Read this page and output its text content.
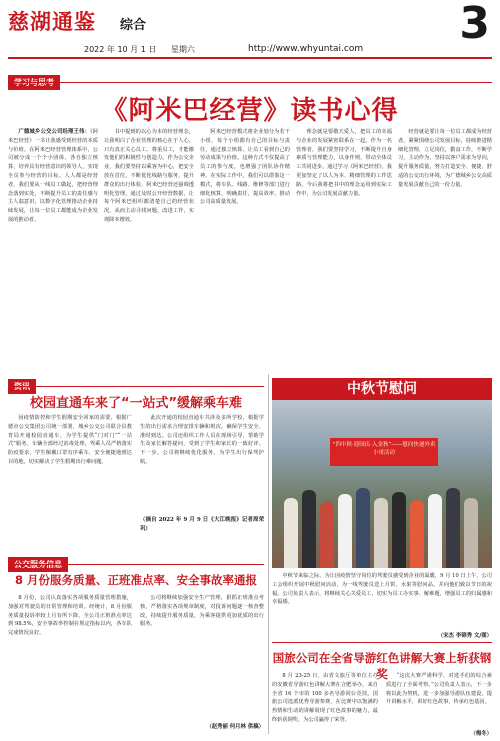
慈湖通鉴 综合	3
2022 年 10 月 1 日 星期六	http://www.whyuntai.com
《阿米巴经营》读书心得

广德城乡公交公司经理王伟：《阿米巴经营》一书让我感受到经营的本质与价值。在阿米巴经营管理体系中，公司被分成一个个小团体，各自独立核算，培养具有经营意识的领导人，实现全员参与经营的目标。人人都是经营者，我们要从一线员工做起，把经营理念落到实处，不断提升员工的责任感与主人翁意识，以数字化管理推动企业持续发展，让每一位员工都能成为企业发展的推动者。

书中提到的以心为本的经营理念，让我明白了企业管理的核心在于人心。只有真正关心员工、尊重员工，才能激发他们的积极性与创造力。作为公交企业，我们要坚持以乘客为中心，把安全放在首位，不断优化线路与服务，提升群众的出行体验。阿米巴经营还强调透明化管理，通过及时公开经营数据，让每个阿米巴组织都清楚自己的经营状况，从而主动寻找问题、改进工作，实现降本增效。

阿米巴经营模式将企业划分为若干小组，每个小组都有自己的目标与责任，通过独立核算，让员工看到自己的劳动成果与价值。这种方式不仅提高了员工的参与度，也增强了团队协作精神。在实际工作中，我们可以借鉴这一模式，将车队、线路、维修等部门进行细化核算，明确责任，提高效率，推动公司高质量发展。

理念就是要敬天爱人，把员工的幸福与企业的发展紧密联系在一起。作为一名管理者，我们要坚持学习，不断提升自身素质与管理能力，以身作则，带动全体员工共同进步。通过学习《阿米巴经营》，我更加坚定了以人为本、精细管理的工作思路，今后我将把书中的理念运用到实际工作中，为公司发展贡献力量。

经营就是要让每一位员工都成为经营者。紧紧围绕公司发展目标，持续推进精细化管理，立足岗位，勤奋工作，不断学习，主动作为，坚持以客户需求为导向，提升服务质量，努力打造安全、便捷、舒适的公交出行环境，为广德城乡公交高质量发展贡献自己的一份力量。

校园直通车来了“一站式”缓解乘车难

因疫情防控和学生假期安全回家的需要，根据广德市公交集团公司统一部署，城乡公交公司联合县教育局开通校园直通车，为学生提供“门对门”“一站式”服务。车辆全部经过消毒处理，驾乘人员严格落实防疫要求，学生佩戴口罩有序乘车，安全便捷地到达目的地，切实解决了学生假期出行难问题。

此次开通的校园直通车共涉及多所学校，根据学生的出行需求合理安排车辆和班次，确保学生安全、准时到达。公司还组织工作人员在现场引导，帮助学生及家长解答疑问，受到了学生和家长的一致好评。下一步，公司将继续优化服务，为学生出行保驾护航。

（摘自 2022 年 9 月 9 日《大江晚报》记者周荣巩）

8 月份服务质量、正班准点率、安全事故率通报

8 月份，公司认真落实各项服务质量管理措施，加强对驾驶员的日常管理和培训。经统计，8 月份服务质量投诉率较上月有所下降，全公司正班准点率达到 98.5%，安全事故率控制在规定指标以内，各车队完成情况良好。

公司将继续加强安全生产管理，狠抓正班准点考核，严格落实各项规章制度，对投诉问题逐一核查整改，持续提升服务质量，为乘客提供更加优质的出行服务。

（赵秀丽 何月林 供稿）
中秋节慰问
“四中秋·迎国庆·入金秋”——慰问快递外卖小哥活动

中秋节来临之际，为让因疫情坚守岗位的驾驶员感受到企业的温暖，9 月 10 日上午，公司工会组织开展中秋慰问活动，为一线驾驶员送上月饼、水果等慰问品，并向他们致以节日的祝福。公司负责人表示，将继续关心关爱员工，切实为员工办实事、解难题，增强员工的归属感和幸福感。

（宋杰 李锦秀 文/图）
国旅公司在全省导游红色讲解大赛上斩获钢奖

8 月 23-25 日，由省文旅厅等单位主办的安徽省导游红色讲解大赛在合肥举办，来自全省 16 个市的 100 多名导游同台竞技。国旅公司选派优秀导游参赛，在比赛中以饱满的热情和生动的讲解展现了红色故事的魅力，最终斩获钢奖，为公司赢得了荣誉。

“这次大赛严谨科学，对选手们的综合素质进行了全面考察。”公司负责人表示，下一步将以此为契机，进一步加强导游队伍建设，提升讲解水平，讲好红色故事，传承红色基因。

（梅冬）
